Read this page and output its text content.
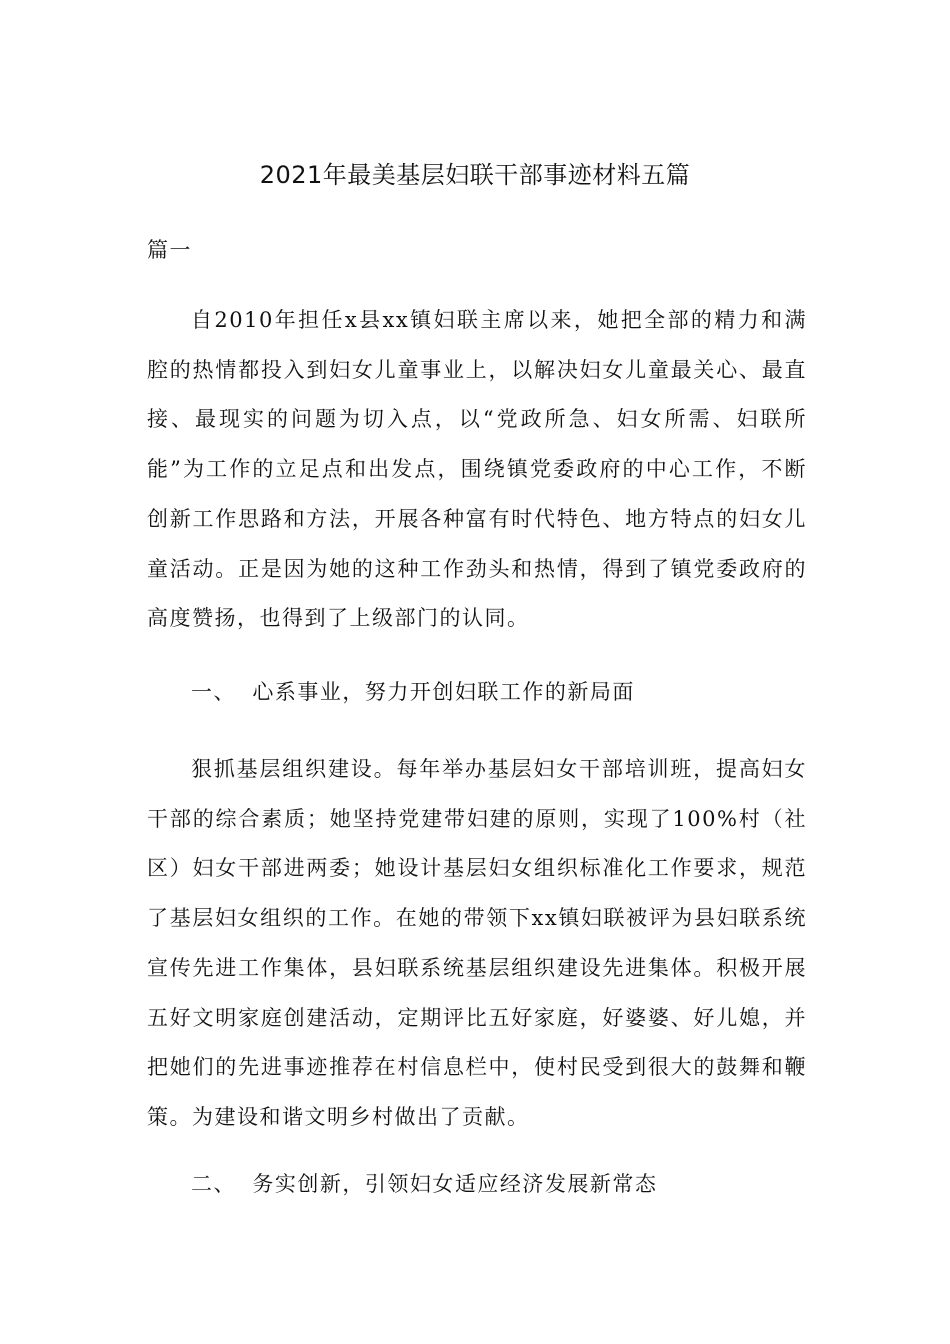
2021年最美基层妇联干部事迹材料五篇
篇一

自2010年担任x县xx镇妇联主席以来，她把全部的精力和满腔的热情都投入到妇女儿童事业上，以解决妇女儿童最关心、最直接、最现实的问题为切入点，以“党政所急、妇女所需、妇联所能”为工作的立足点和出发点，围绕镇党委政府的中心工作，不断创新工作思路和方法，开展各种富有时代特色、地方特点的妇女儿童活动。正是因为她的这种工作劲头和热情，得到了镇党委政府的高度赞扬，也得到了上级部门的认同。

一、  心系事业，努力开创妇联工作的新局面

狠抓基层组织建设。每年举办基层妇女干部培训班，提高妇女干部的综合素质；她坚持党建带妇建的原则，实现了100%村（社区）妇女干部进两委；她设计基层妇女组织标准化工作要求，规范了基层妇女组织的工作。在她的带领下xx镇妇联被评为县妇联系统宣传先进工作集体，县妇联系统基层组织建设先进集体。积极开展五好文明家庭创建活动，定期评比五好家庭，好婆婆、好儿媳，并把她们的先进事迹推荐在村信息栏中，使村民受到很大的鼓舞和鞭策。为建设和谐文明乡村做出了贡献。

二、  务实创新，引领妇女适应经济发展新常态
